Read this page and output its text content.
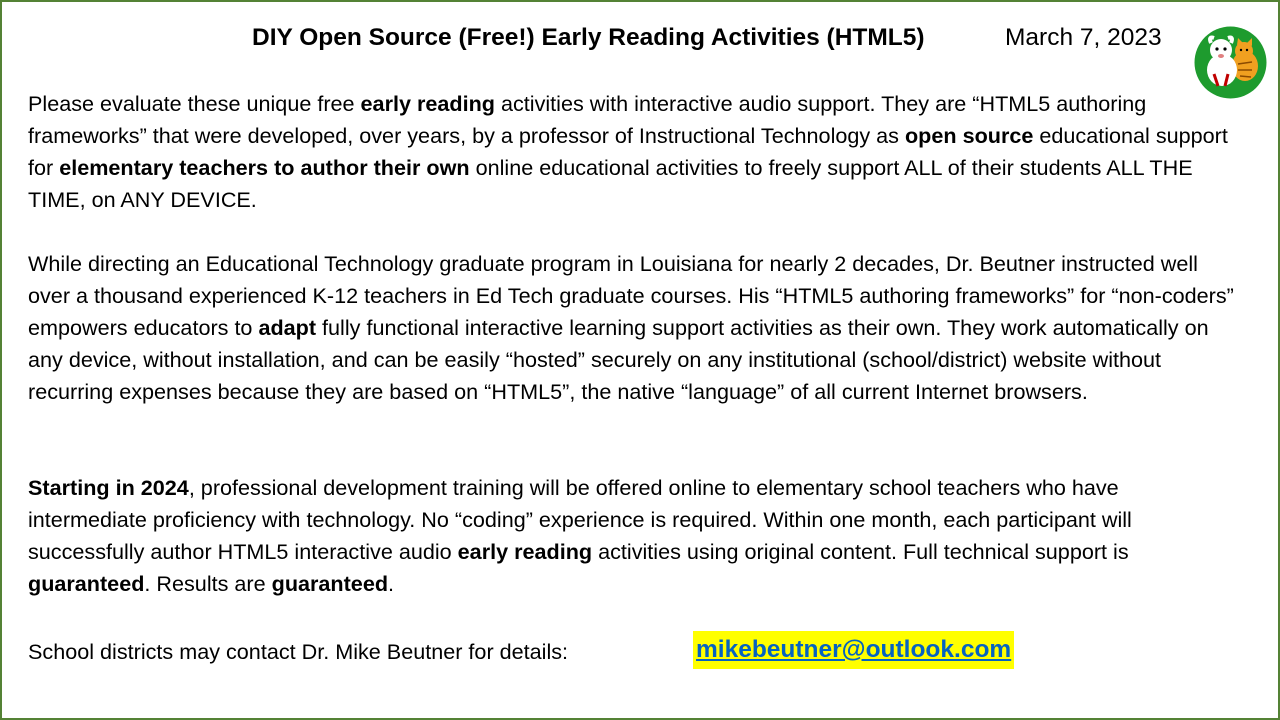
DIY Open Source (Free!) Early Reading Activities (HTML5)	March 7, 2023
Please evaluate these unique free early reading activities with interactive audio support. They are “HTML5 authoring frameworks” that were developed, over years, by a professor of Instructional Technology as open source educational support for elementary teachers to author their own online educational activities to freely support ALL of their students ALL THE TIME, on ANY DEVICE.
While directing an Educational Technology graduate program in Louisiana for nearly 2 decades, Dr. Beutner instructed well over a thousand experienced K-12 teachers in Ed Tech graduate courses. His “HTML5 authoring frameworks” for “non-coders” empowers educators to adapt fully functional interactive learning support activities as their own. They work automatically on any device, without installation, and can be easily “hosted” securely on any institutional (school/district) website without recurring expenses because they are based on “HTML5”, the native “language” of all current Internet browsers.
Starting in 2024, professional development training will be offered online to elementary school teachers who have intermediate proficiency with technology. No “coding” experience is required. Within one month, each participant will successfully author HTML5 interactive audio early reading activities using original content. Full technical support is guaranteed. Results are guaranteed.
School districts may contact Dr. Mike Beutner for details:	mikebeutner@outlook.com
